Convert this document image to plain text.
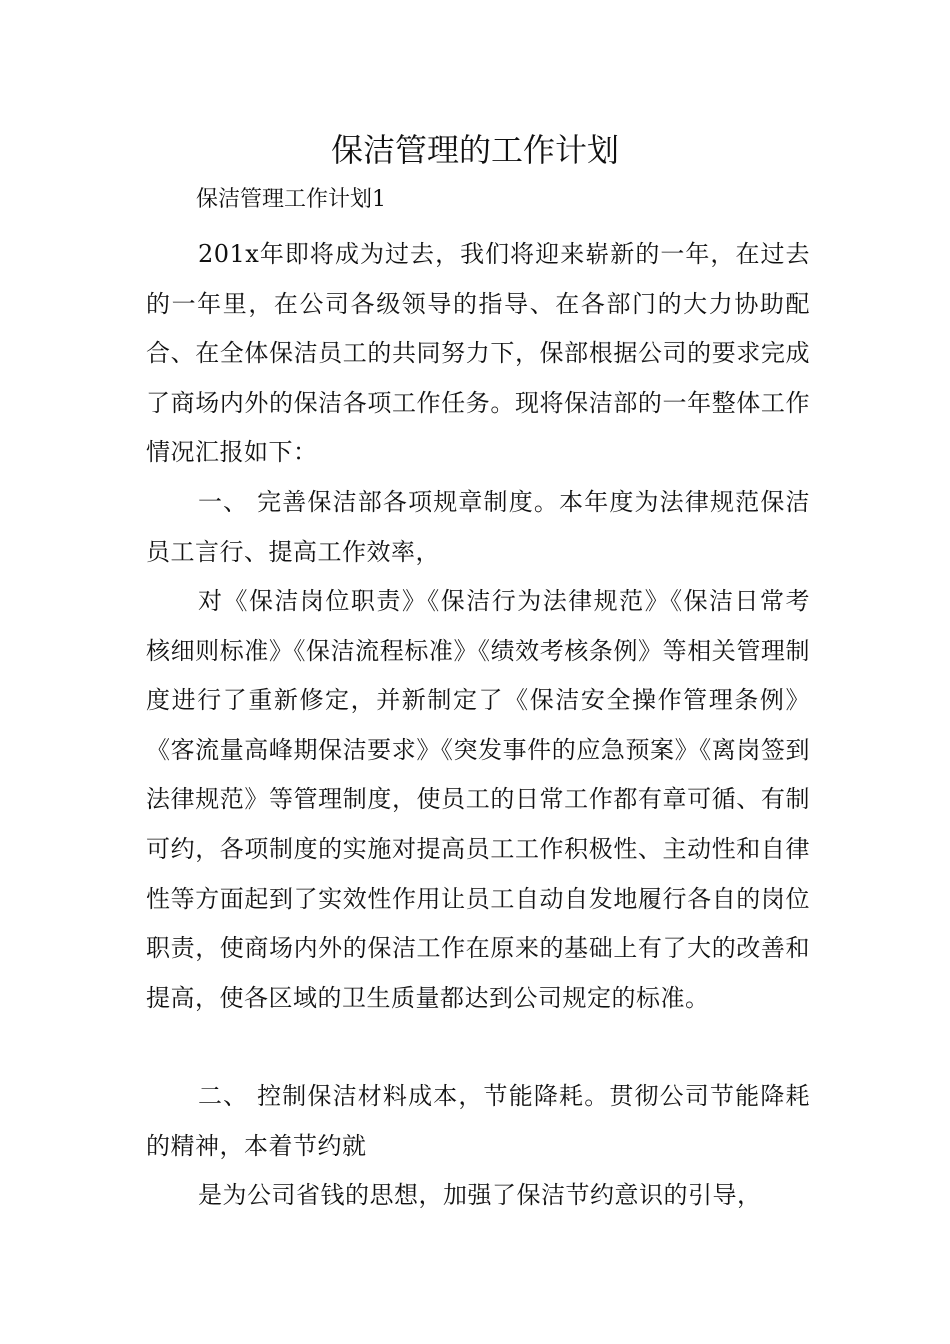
保洁管理的工作计划

保洁管理工作计划1

201x年即将成为过去，我们将迎来崭新的一年，在过去的一年里，在公司各级领导的指导、在各部门的大力协助配合、在全体保洁员工的共同努力下，保部根据公司的要求完成了商场内外的保洁各项工作任务。现将保洁部的一年整体工作情况汇报如下：

一、 完善保洁部各项规章制度。本年度为法律规范保洁员工言行、提高工作效率，

对《保洁岗位职责》《保洁行为法律规范》《保洁日常考核细则标准》《保洁流程标准》《绩效考核条例》等相关管理制度进行了重新修定，并新制定了《保洁安全操作管理条例》《客流量高峰期保洁要求》《突发事件的应急预案》《离岗签到法律规范》等管理制度，使员工的日常工作都有章可循、有制可约，各项制度的实施对提高员工工作积极性、主动性和自律性等方面起到了实效性作用让员工自动自发地履行各自的岗位职责，使商场内外的保洁工作在原来的基础上有了大的改善和提高，使各区域的卫生质量都达到公司规定的标准。

二、 控制保洁材料成本，节能降耗。贯彻公司节能降耗的精神，本着节约就

是为公司省钱的思想，加强了保洁节约意识的引导，
